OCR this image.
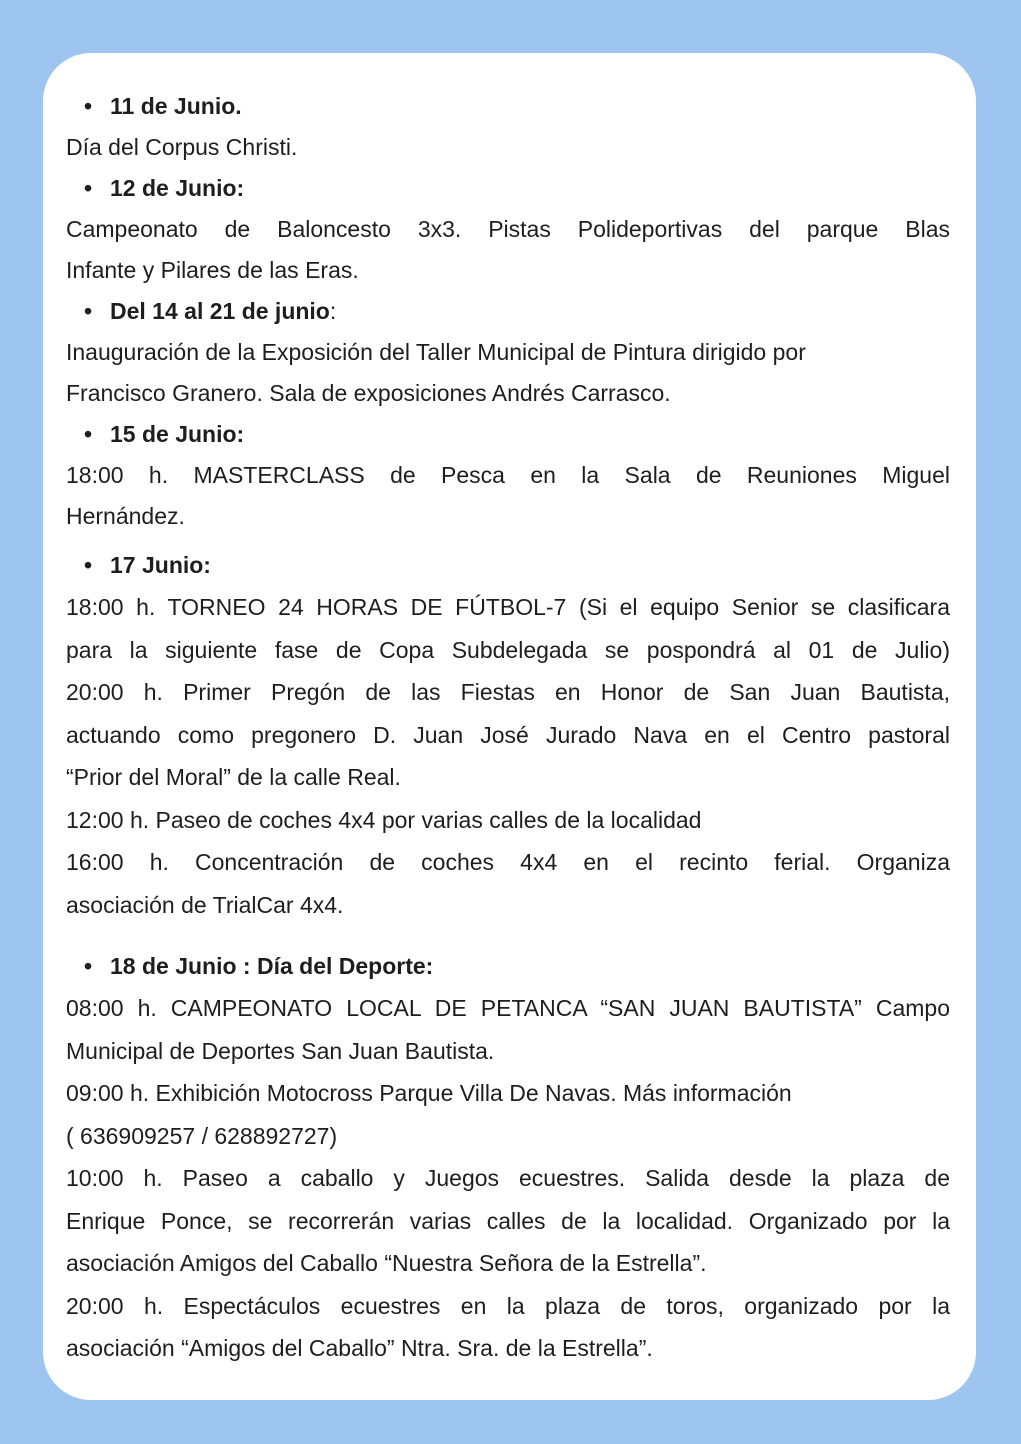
• 11 de Junio.
Día del Corpus Christi.
• 12 de Junio:
Campeonato de Baloncesto 3x3. Pistas Polideportivas del parque Blas
Infante y Pilares de las Eras.
• Del 14 al 21 de junio:
Inauguración de la Exposición del Taller Municipal de Pintura dirigido por
Francisco Granero. Sala de exposiciones Andrés Carrasco.
• 15 de Junio:
18:00 h. MASTERCLASS de Pesca en la Sala de Reuniones Miguel
Hernández.
• 17 Junio:
18:00 h. TORNEO 24 HORAS DE FÚTBOL-7 (Si el equipo Senior se clasificara
para la siguiente fase de Copa Subdelegada se pospondrá al 01 de Julio)
20:00 h. Primer Pregón de las Fiestas en Honor de San Juan Bautista,
actuando como pregonero D. Juan José Jurado Nava en el Centro pastoral
“Prior del Moral” de la calle Real.
12:00 h. Paseo de coches 4x4 por varias calles de la localidad
16:00 h. Concentración de coches 4x4 en el recinto ferial. Organiza
asociación de TrialCar 4x4.
• 18 de Junio : Día del Deporte:
08:00 h. CAMPEONATO LOCAL DE PETANCA “SAN JUAN BAUTISTA” Campo
Municipal de Deportes San Juan Bautista.
09:00 h. Exhibición Motocross Parque Villa De Navas. Más información
( 636909257 / 628892727)
10:00 h. Paseo a caballo y Juegos ecuestres. Salida desde la plaza de
Enrique Ponce, se recorrerán varias calles de la localidad. Organizado por la
asociación Amigos del Caballo “Nuestra Señora de la Estrella”.
20:00 h. Espectáculos ecuestres en la plaza de toros, organizado por la
asociación “Amigos del Caballo” Ntra. Sra. de la Estrella”.
